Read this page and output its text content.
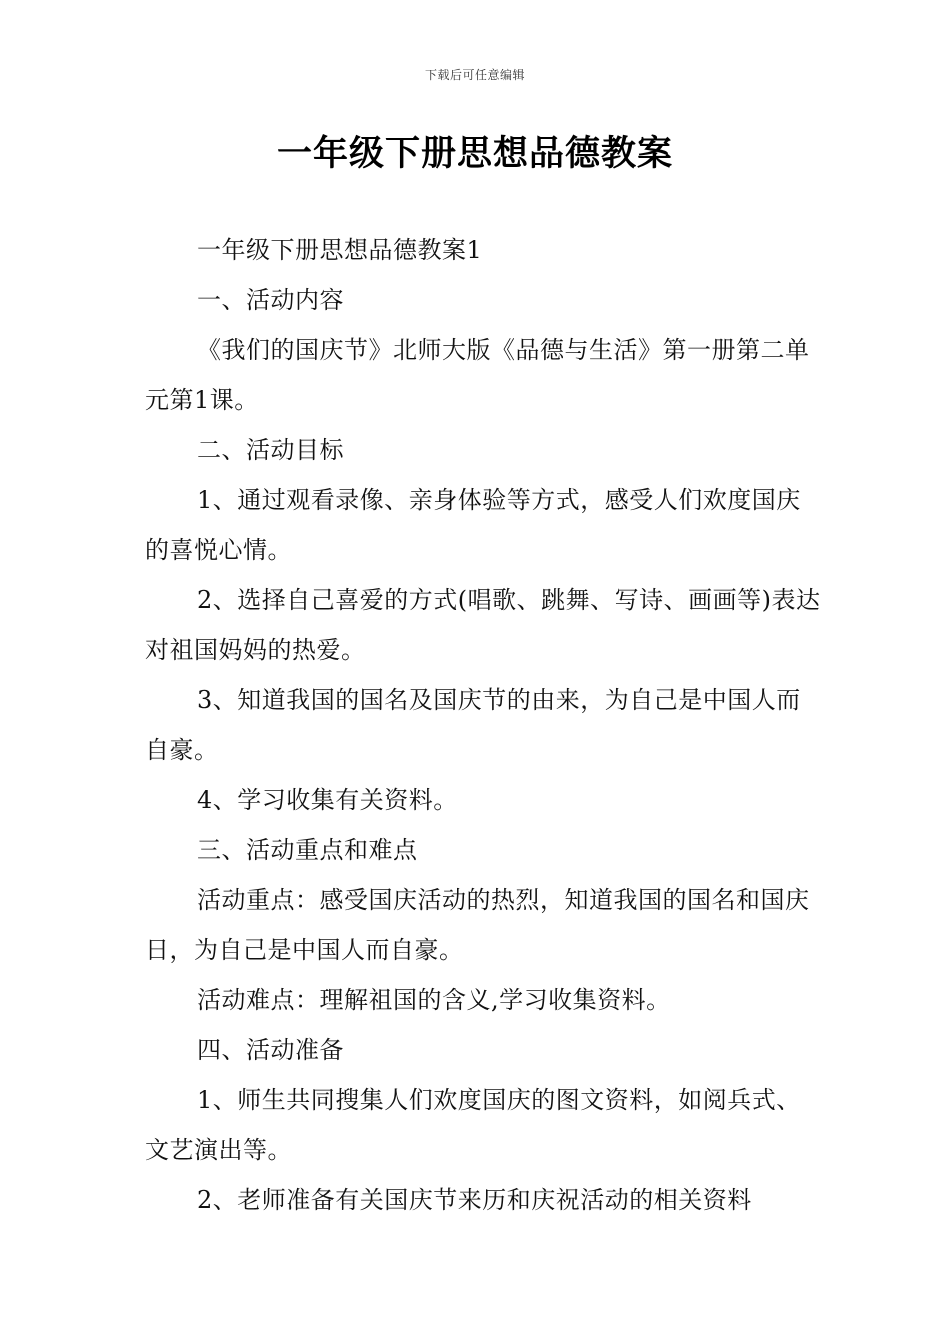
下载后可任意编辑
一年级下册思想品德教案

一年级下册思想品德教案1

一、活动内容

《我们的国庆节》北师大版《品德与生活》第一册第二单元第1课。

二、活动目标

1、通过观看录像、亲身体验等方式，感受人们欢度国庆的喜悦心情。

2、选择自己喜爱的方式(唱歌、跳舞、写诗、画画等)表达对祖国妈妈的热爱。

3、知道我国的国名及国庆节的由来，为自己是中国人而自豪。

4、学习收集有关资料。

三、活动重点和难点

活动重点：感受国庆活动的热烈，知道我国的国名和国庆日，为自己是中国人而自豪。

活动难点：理解祖国的含义,学习收集资料。

四、活动准备

1、师生共同搜集人们欢度国庆的图文资料，如阅兵式、文艺演出等。

2、老师准备有关国庆节来历和庆祝活动的相关资料
